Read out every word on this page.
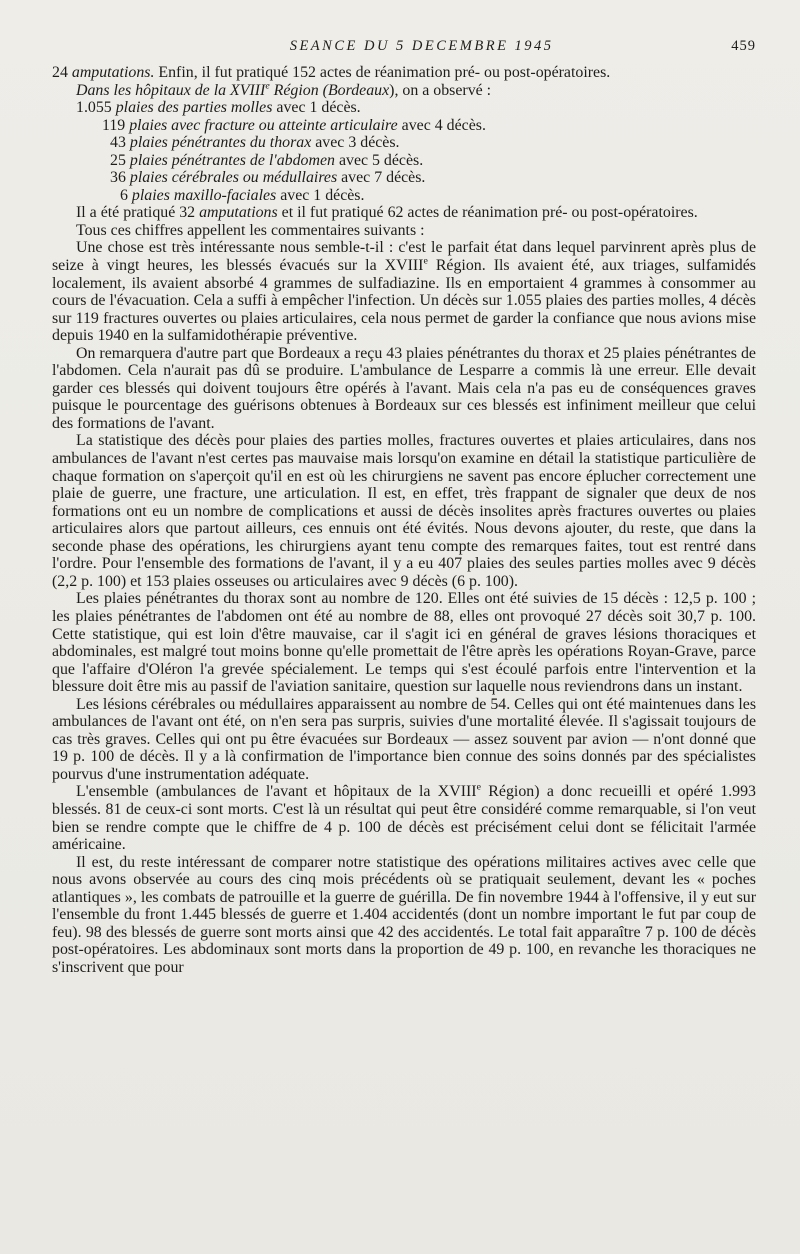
SEANCE DU 5 DECEMBRE 1945	459

24 amputations. Enfin, il fut pratiqué 152 actes de réanimation pré- ou post-opératoires.

Dans les hôpitaux de la XVIIIe Région (Bordeaux), on a observé :

1.055 plaies des parties molles avec 1 décès.

119 plaies avec fracture ou atteinte articulaire avec 4 décès.

43 plaies pénétrantes du thorax avec 3 décès.

25 plaies pénétrantes de l'abdomen avec 5 décès.

36 plaies cérébrales ou médullaires avec 7 décès.

6 plaies maxillo-faciales avec 1 décès.

Il a été pratiqué 32 amputations et il fut pratiqué 62 actes de réanimation pré- ou post-opératoires.

Tous ces chiffres appellent les commentaires suivants :

Une chose est très intéressante nous semble-t-il : c'est le parfait état dans lequel parvinrent après plus de seize à vingt heures, les blessés évacués sur la XVIIIe Région. Ils avaient été, aux triages, sulfamidés localement, ils avaient absorbé 4 grammes de sulfadiazine. Ils en emportaient 4 grammes à consommer au cours de l'évacuation. Cela a suffi à empêcher l'infection. Un décès sur 1.055 plaies des parties molles, 4 décès sur 119 fractures ouvertes ou plaies articulaires, cela nous permet de garder la confiance que nous avions mise depuis 1940 en la sulfamidothérapie préventive.

On remarquera d'autre part que Bordeaux a reçu 43 plaies pénétrantes du thorax et 25 plaies pénétrantes de l'abdomen. Cela n'aurait pas dû se produire. L'ambulance de Lesparre a commis là une erreur. Elle devait garder ces blessés qui doivent toujours être opérés à l'avant. Mais cela n'a pas eu de conséquences graves puisque le pourcentage des guérisons obtenues à Bordeaux sur ces blessés est infiniment meilleur que celui des formations de l'avant.

La statistique des décès pour plaies des parties molles, fractures ouvertes et plaies articulaires, dans nos ambulances de l'avant n'est certes pas mauvaise mais lorsqu'on examine en détail la statistique particulière de chaque formation on s'aperçoit qu'il en est où les chirurgiens ne savent pas encore éplucher correctement une plaie de guerre, une fracture, une articulation. Il est, en effet, très frappant de signaler que deux de nos formations ont eu un nombre de complications et aussi de décès insolites après fractures ouvertes ou plaies articulaires alors que partout ailleurs, ces ennuis ont été évités. Nous devons ajouter, du reste, que dans la seconde phase des opérations, les chirurgiens ayant tenu compte des remarques faites, tout est rentré dans l'ordre. Pour l'ensemble des formations de l'avant, il y a eu 407 plaies des seules parties molles avec 9 décès (2,2 p. 100) et 153 plaies osseuses ou articulaires avec 9 décès (6 p. 100).

Les plaies pénétrantes du thorax sont au nombre de 120. Elles ont été suivies de 15 décès : 12,5 p. 100 ; les plaies pénétrantes de l'abdomen ont été au nombre de 88, elles ont provoqué 27 décès soit 30,7 p. 100. Cette statistique, qui est loin d'être mauvaise, car il s'agit ici en général de graves lésions thoraciques et abdominales, est malgré tout moins bonne qu'elle promettait de l'être après les opérations Royan-Grave, parce que l'affaire d'Oléron l'a grevée spécialement. Le temps qui s'est écoulé parfois entre l'intervention et la blessure doit être mis au passif de l'aviation sanitaire, question sur laquelle nous reviendrons dans un instant.

Les lésions cérébrales ou médullaires apparaissent au nombre de 54. Celles qui ont été maintenues dans les ambulances de l'avant ont été, on n'en sera pas surpris, suivies d'une mortalité élevée. Il s'agissait toujours de cas très graves. Celles qui ont pu être évacuées sur Bordeaux — assez souvent par avion — n'ont donné que 19 p. 100 de décès. Il y a là confirmation de l'importance bien connue des soins donnés par des spécialistes pourvus d'une instrumentation adéquate.

L'ensemble (ambulances de l'avant et hôpitaux de la XVIIIe Région) a donc recueilli et opéré 1.993 blessés. 81 de ceux-ci sont morts. C'est là un résultat qui peut être considéré comme remarquable, si l'on veut bien se rendre compte que le chiffre de 4 p. 100 de décès est précisément celui dont se félicitait l'armée américaine.

Il est, du reste intéressant de comparer notre statistique des opérations militaires actives avec celle que nous avons observée au cours des cinq mois précédents où se pratiquait seulement, devant les « poches atlantiques », les combats de patrouille et la guerre de guérilla. De fin novembre 1944 à l'offensive, il y eut sur l'ensemble du front 1.445 blessés de guerre et 1.404 accidentés (dont un nombre important le fut par coup de feu). 98 des blessés de guerre sont morts ainsi que 42 des accidentés. Le total fait apparaître 7 p. 100 de décès post-opératoires. Les abdominaux sont morts dans la proportion de 49 p. 100, en revanche les thoraciques ne s'inscrivent que pour
